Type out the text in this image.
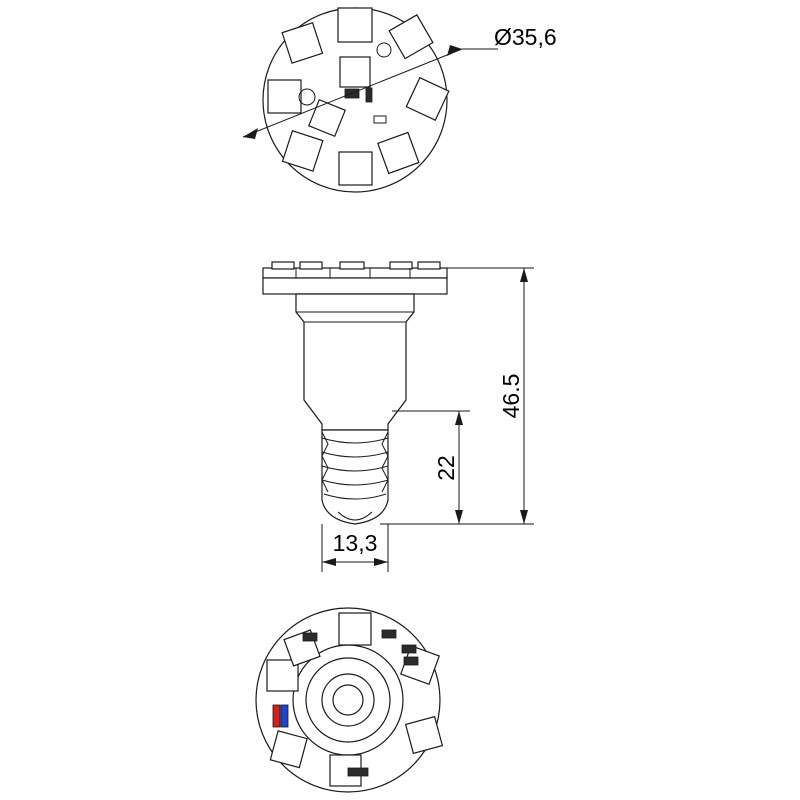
Ø35,6
46.5
22
13,3
